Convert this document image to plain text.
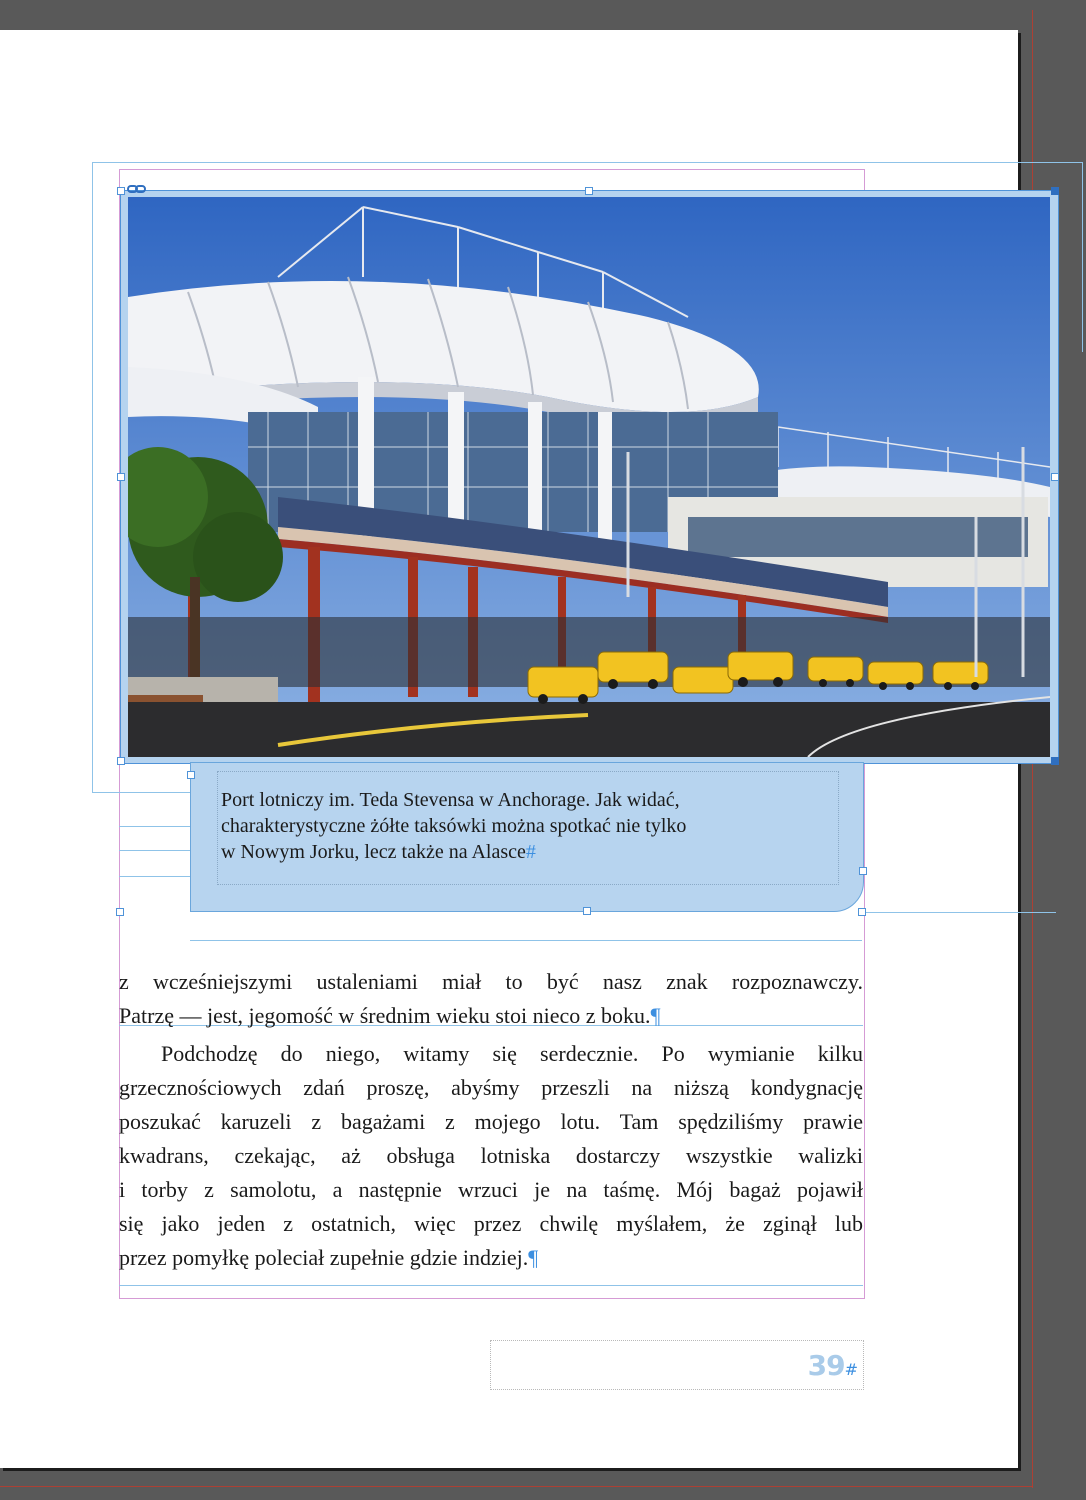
Port lotniczy im. Teda Stevensa w Anchorage. Jak widać,
charakterystyczne żółte taksówki można spotkać nie tylko
w Nowym Jorku, lecz także na Alasce#
z wcześniejszymi ustaleniami miał to być nasz znak rozpoznawczy.
Patrzę — jest, jegomość w średnim wieku stoi nieco z boku.¶
Podchodzę do niego, witamy się serdecznie. Po wymianie kilku
grzecznościowych zdań proszę, abyśmy przeszli na niższą kondygnację
poszukać karuzeli z bagażami z mojego lotu. Tam spędziliśmy prawie
kwadrans, czekając, aż obsługa lotniska dostarczy wszystkie walizki
i torby z samolotu, a następnie wrzuci je na taśmę. Mój bagaż pojawił
się jako jeden z ostatnich, więc przez chwilę myślałem, że zginął lub
przez pomyłkę poleciał zupełnie gdzie indziej.¶
39#
